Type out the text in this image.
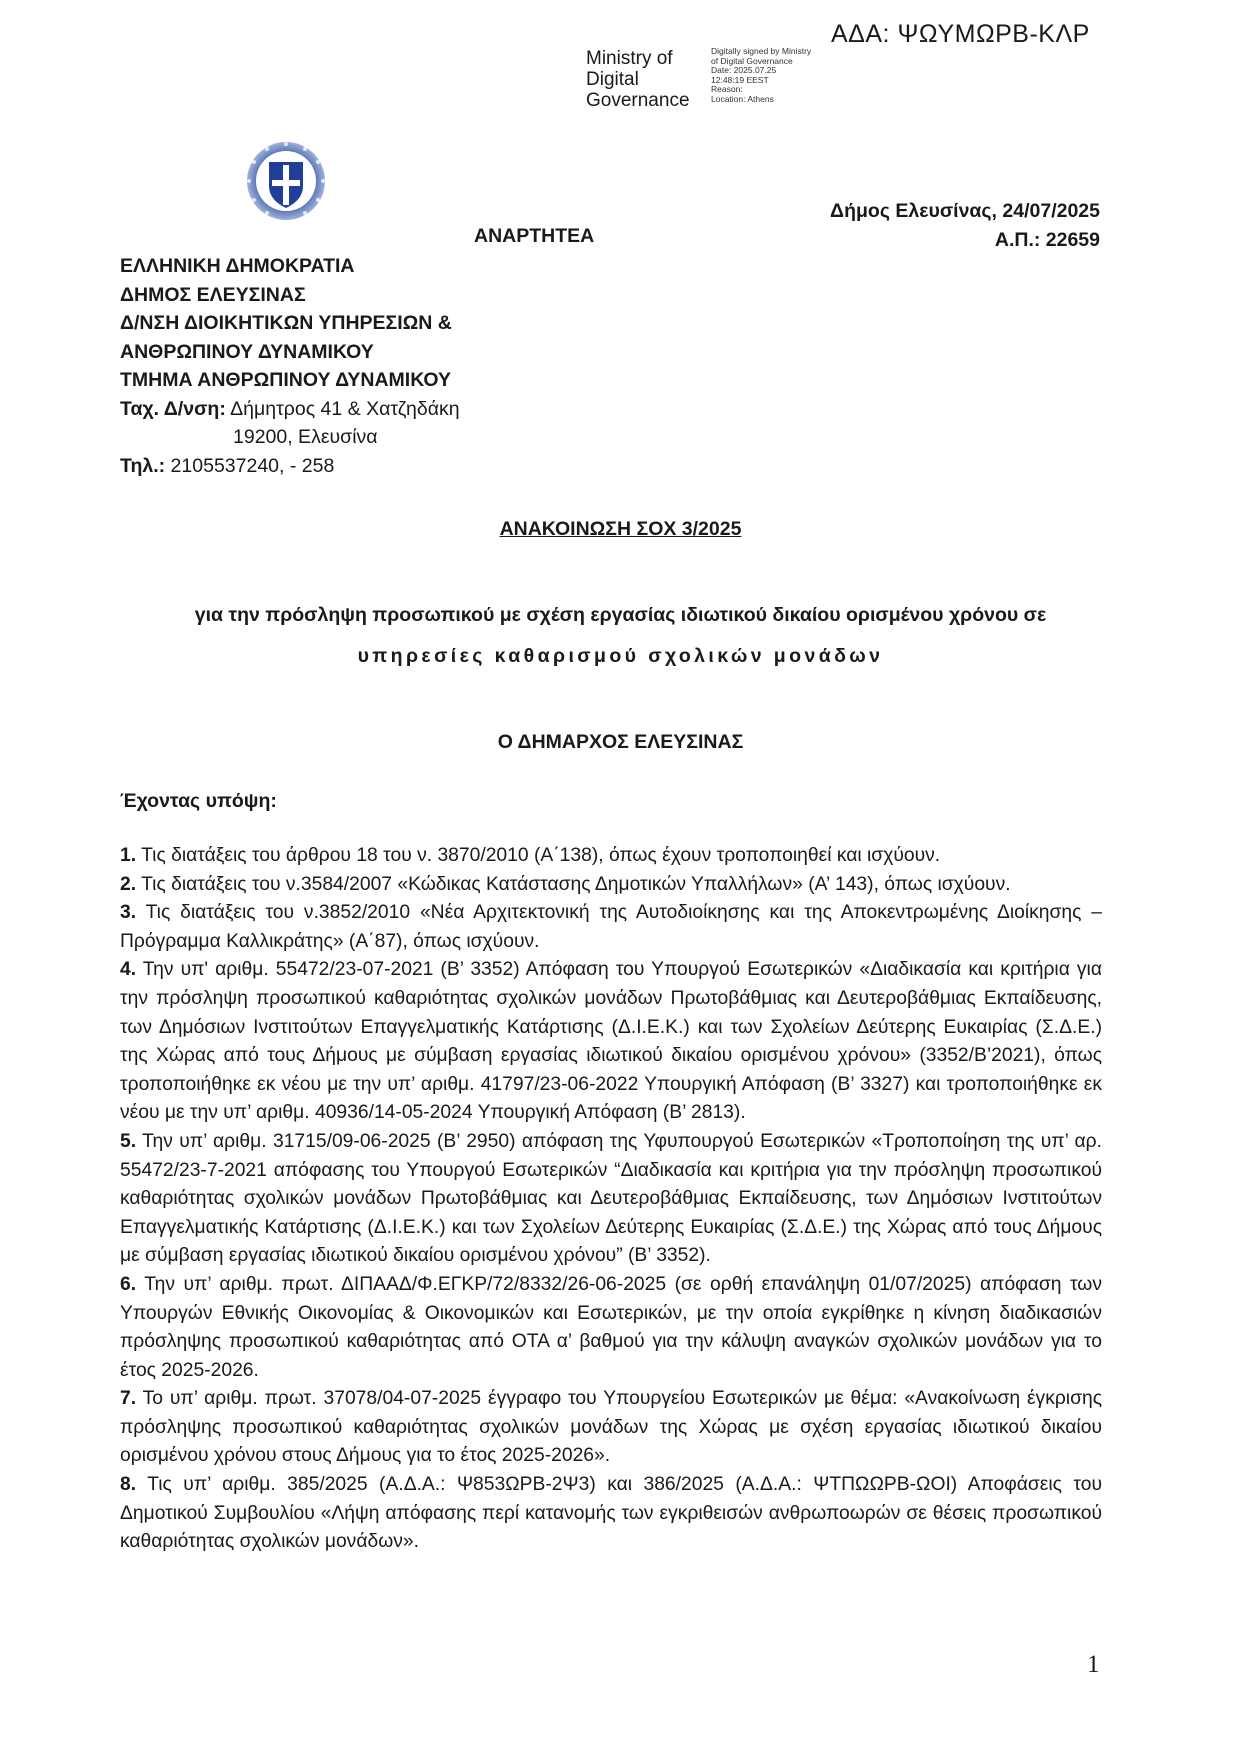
ΑΔΑ: ΨΩΥΜΩΡΒ-ΚΛΡ
Ministry of
Digital
Governance
Digitally signed by Ministry
of Digital Governance
Date: 2025.07.25
12:48:19 EEST
Reason:
Location: Athens
Δήμος Ελευσίνας, 24/07/2025
Α.Π.: 22659
ΑΝΑΡΤΗΤΕΑ
ΕΛΛΗΝΙΚΗ ΔΗΜΟΚΡΑΤΙΑ
ΔΗΜΟΣ ΕΛΕΥΣΙΝΑΣ
Δ/ΝΣΗ ΔΙΟΙΚΗΤΙΚΩΝ ΥΠΗΡΕΣΙΩΝ &
ΑΝΘΡΩΠΙΝΟΥ ΔΥΝΑΜΙΚΟΥ
ΤΜΗΜΑ ΑΝΘΡΩΠΙΝΟΥ ΔΥΝΑΜΙΚΟΥ
Ταχ. Δ/νση: Δήμητρος 41 & Χατζηδάκη
19200, Ελευσίνα
Τηλ.: 2105537240, - 258
ΑΝΑΚΟΙΝΩΣΗ ΣΟΧ 3/2025
για την πρόσληψη προσωπικού με σχέση εργασίας ιδιωτικού δικαίου ορισμένου χρόνου σε
υπηρεσίες καθαρισμού σχολικών μονάδων
Ο ΔΗΜΑΡΧΟΣ ΕΛΕΥΣΙΝΑΣ
Έχοντας υπόψη:

1. Τις διατάξεις του άρθρου 18 του ν. 3870/2010 (Α΄138), όπως έχουν τροποποιηθεί και ισχύουν.

2. Τις διατάξεις του ν.3584/2007 «Κώδικας Κατάστασης Δημοτικών Υπαλλήλων» (Α’ 143), όπως ισχύουν.

3. Τις διατάξεις του ν.3852/2010 «Νέα Αρχιτεκτονική της Αυτοδιοίκησης και της Αποκεντρωμένης Διοίκησης – Πρόγραμμα Καλλικράτης» (Α΄87), όπως ισχύουν.

4. Την υπ' αριθμ. 55472/23-07-2021 (Β’ 3352) Απόφαση του Υπουργού Εσωτερικών «Διαδικασία και κριτήρια για την πρόσληψη προσωπικού καθαριότητας σχολικών μονάδων Πρωτοβάθμιας και Δευτεροβάθμιας Εκπαίδευσης, των Δημόσιων Ινστιτούτων Επαγγελματικής Κατάρτισης (Δ.Ι.Ε.Κ.) και των Σχολείων Δεύτερης Ευκαιρίας (Σ.Δ.Ε.) της Χώρας από τους Δήμους με σύμβαση εργασίας ιδιωτικού δικαίου ορισμένου χρόνου» (3352/Β’2021), όπως τροποποιήθηκε εκ νέου με την υπ’ αριθμ. 41797/23-06-2022 Υπουργική Απόφαση (Β’ 3327) και τροποποιήθηκε εκ νέου με την υπ’ αριθμ. 40936/14-05-2024 Υπουργική Απόφαση (Β’ 2813).

5. Την υπ’ αριθμ. 31715/09-06-2025 (Β’ 2950) απόφαση της Υφυπουργού Εσωτερικών «Τροποποίηση της υπ’ αρ. 55472/23-7-2021 απόφασης του Υπουργού Εσωτερικών “Διαδικασία και κριτήρια για την πρόσληψη προσωπικού καθαριότητας σχολικών μονάδων Πρωτοβάθμιας και Δευτεροβάθμιας Εκπαίδευσης, των Δημόσιων Ινστιτούτων Επαγγελματικής Κατάρτισης (Δ.Ι.Ε.Κ.) και των Σχολείων Δεύτερης Ευκαιρίας (Σ.Δ.Ε.) της Χώρας από τους Δήμους με σύμβαση εργασίας ιδιωτικού δικαίου ορισμένου χρόνου” (Β’ 3352).

6. Την υπ’ αριθμ. πρωτ. ΔΙΠΑΑΔ/Φ.ΕΓΚΡ/72/8332/26-06-2025 (σε ορθή επανάληψη 01/07/2025) απόφαση των Υπουργών Εθνικής Οικονομίας & Οικονομικών και Εσωτερικών, με την οποία εγκρίθηκε η κίνηση διαδικασιών πρόσληψης προσωπικού καθαριότητας από ΟΤΑ α’ βαθμού για την κάλυψη αναγκών σχολικών μονάδων για το έτος 2025-2026.

7. Το υπ’ αριθμ. πρωτ. 37078/04-07-2025 έγγραφο του Υπουργείου Εσωτερικών με θέμα: «Ανακοίνωση έγκρισης πρόσληψης προσωπικού καθαριότητας σχολικών μονάδων της Χώρας με σχέση εργασίας ιδιωτικού δικαίου ορισμένου χρόνου στους Δήμους για το έτος 2025-2026».

8. Τις υπ’ αριθμ. 385/2025 (Α.Δ.Α.: Ψ853ΩΡΒ-2Ψ3) και 386/2025 (Α.Δ.Α.: ΨΤΠΩΩΡΒ-ΩΟΙ) Αποφάσεις του Δημοτικού Συμβουλίου «Λήψη απόφασης περί κατανομής των εγκριθεισών ανθρωποωρών σε θέσεις προσωπικού καθαριότητας σχολικών μονάδων».

1
